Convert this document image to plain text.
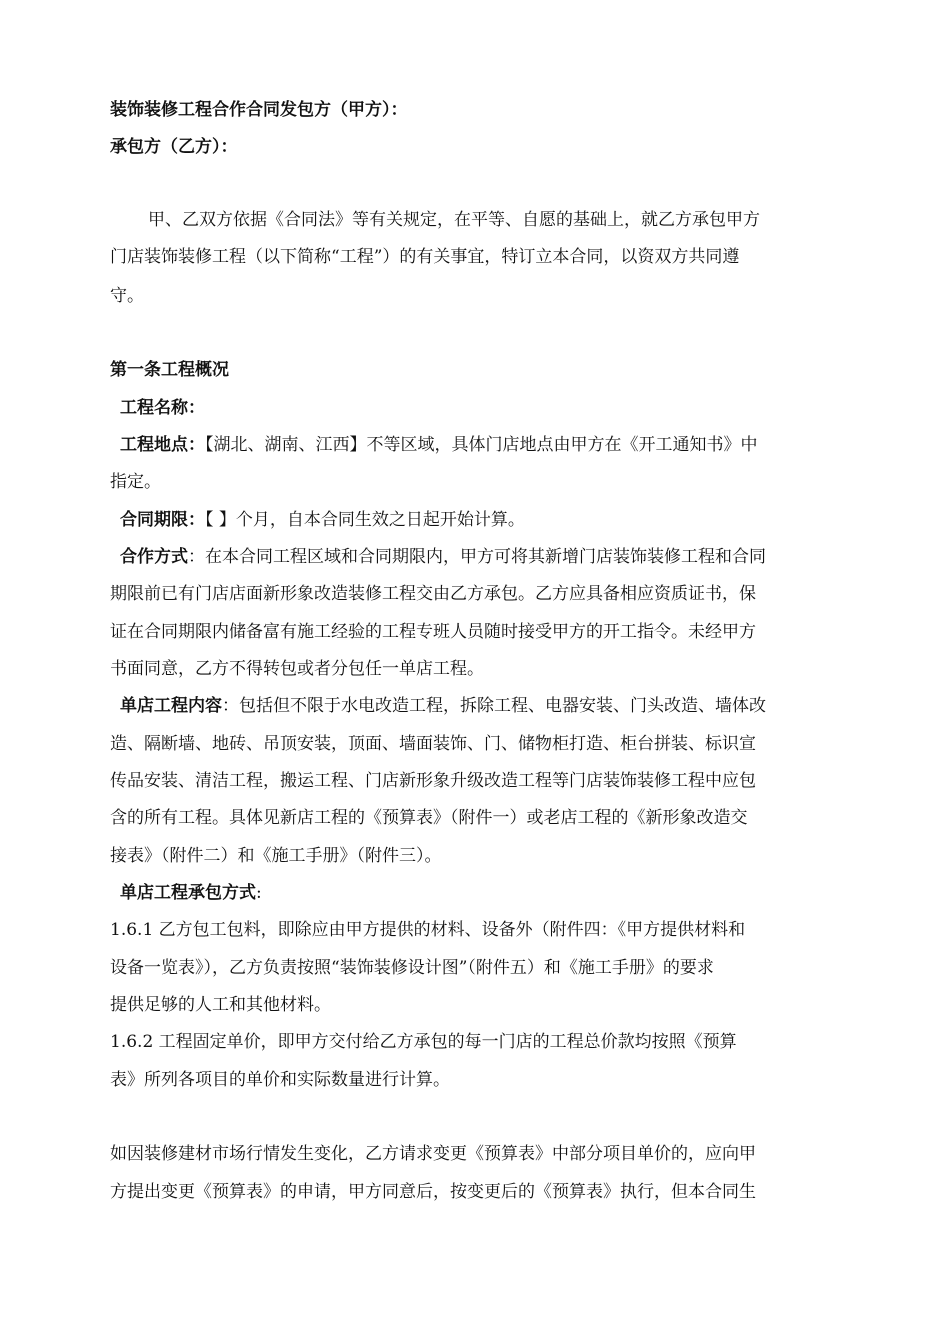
装饰装修工程合作合同发包方（甲方）：
承包方（乙方）：
甲、乙双方依据《合同法》等有关规定，在平等、自愿的基础上，就乙方承包甲方
门店装饰装修工程（以下简称“工程”）的有关事宜，特订立本合同，以资双方共同遵
守。
第一条工程概况
工程名称：
工程地点：【湖北、湖南、江西】不等区域，具体门店地点由甲方在《开工通知书》中
指定。
合同期限：【 】个月，自本合同生效之日起开始计算。
合作方式：在本合同工程区域和合同期限内，甲方可将其新增门店装饰装修工程和合同
期限前已有门店店面新形象改造装修工程交由乙方承包。乙方应具备相应资质证书，保
证在合同期限内储备富有施工经验的工程专班人员随时接受甲方的开工指令。未经甲方
书面同意，乙方不得转包或者分包任一单店工程。
单店工程内容：包括但不限于水电改造工程，拆除工程、电器安装、门头改造、墙体改
造、隔断墙、地砖、吊顶安装，顶面、墙面装饰、门、储物柜打造、柜台拼装、标识宣
传品安装、清洁工程，搬运工程、门店新形象升级改造工程等门店装饰装修工程中应包
含的所有工程。具体见新店工程的《预算表》（附件一）或老店工程的《新形象改造交
接表》（附件二）和《施工手册》（附件三）。
单店工程承包方式:
1.6.1 乙方包工包料，即除应由甲方提供的材料、设备外（附件四：《甲方提供材料和
设备一览表》），乙方负责按照“装饰装修设计图”（附件五）和《施工手册》的要求
提供足够的人工和其他材料。
1.6.2 工程固定单价，即甲方交付给乙方承包的每一门店的工程总价款均按照《预算
表》所列各项目的单价和实际数量进行计算。
如因装修建材市场行情发生变化，乙方请求变更《预算表》中部分项目单价的，应向甲
方提出变更《预算表》的申请，甲方同意后，按变更后的《预算表》执行，但本合同生
